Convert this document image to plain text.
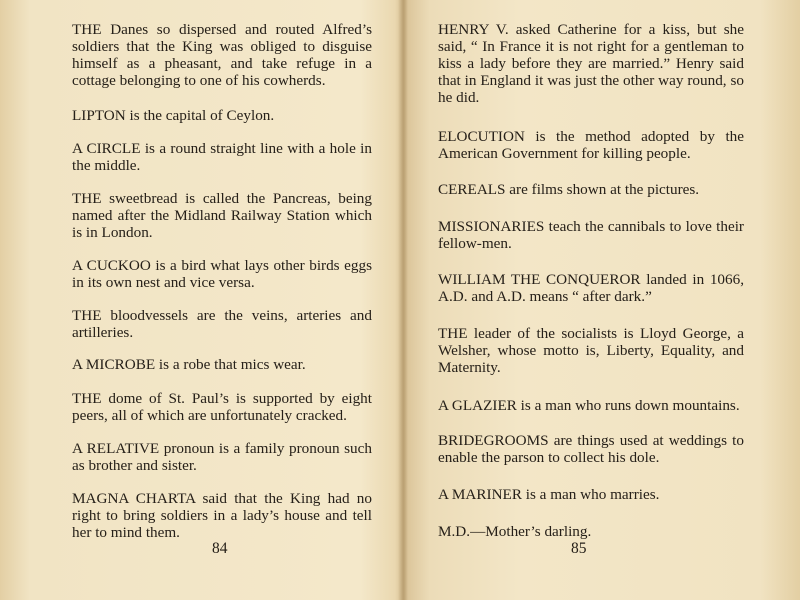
THE Danes so dispersed and routed Alfred’s soldiers that the King was obliged to disguise himself as a pheasant, and take refuge in a cottage belonging to one of his cowherds.

LIPTON is the capital of Ceylon.

A CIRCLE is a round straight line with a hole in the middle.

THE sweetbread is called the Pancreas, being named after the Midland Railway Station which is in London.

A CUCKOO is a bird what lays other birds eggs in its own nest and vice versa.

THE bloodvessels are the veins, arteries and artilleries.

A MICROBE is a robe that mics wear.

THE dome of St. Paul’s is supported by eight peers, all of which are unfortunately cracked.

A RELATIVE pronoun is a family pronoun such as brother and sister.

MAGNA CHARTA said that the King had no right to bring soldiers in a lady’s house and tell her to mind them.

84

HENRY V. asked Catherine for a kiss, but she said, “ In France it is not right for a gentleman to kiss a lady before they are married.” Henry said that in England it was just the other way round, so he did.

ELOCUTION is the method adopted by the American Government for killing people.

CEREALS are films shown at the pictures.

MISSIONARIES teach the cannibals to love their fellow-men.

WILLIAM THE CONQUEROR landed in 1066, A.D. and A.D. means “ after dark.”

THE leader of the socialists is Lloyd George, a Welsher, whose motto is, Liberty, Equality, and Maternity.

A GLAZIER is a man who runs down mountains.

BRIDEGROOMS are things used at weddings to enable the parson to collect his dole.

A MARINER is a man who marries.

M.D.—Mother’s darling.

85
